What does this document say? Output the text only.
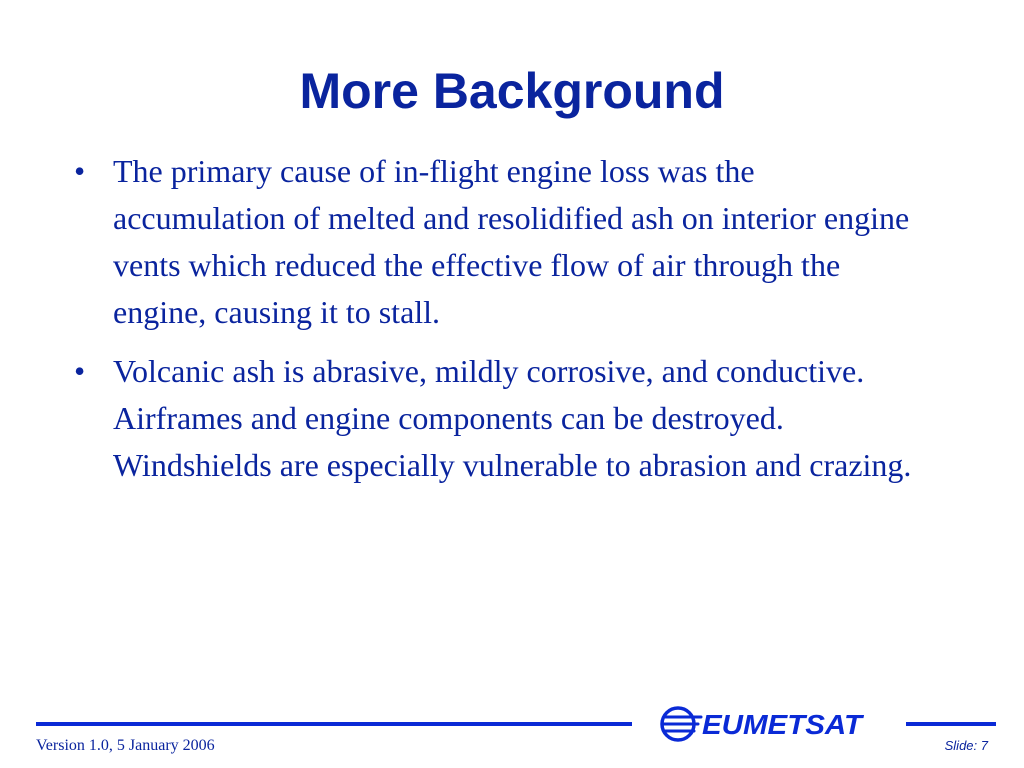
More Background
• The primary cause of in-flight engine loss was the accumulation of melted and resolidified ash on interior engine vents which reduced the effective flow of air through the engine, causing it to stall.
• Volcanic ash is abrasive, mildly corrosive, and conductive. Airframes and engine components can be destroyed. Windshields are especially vulnerable to abrasion and crazing.
EUMETSAT
Version 1.0, 5 January 2006	Slide: 7
